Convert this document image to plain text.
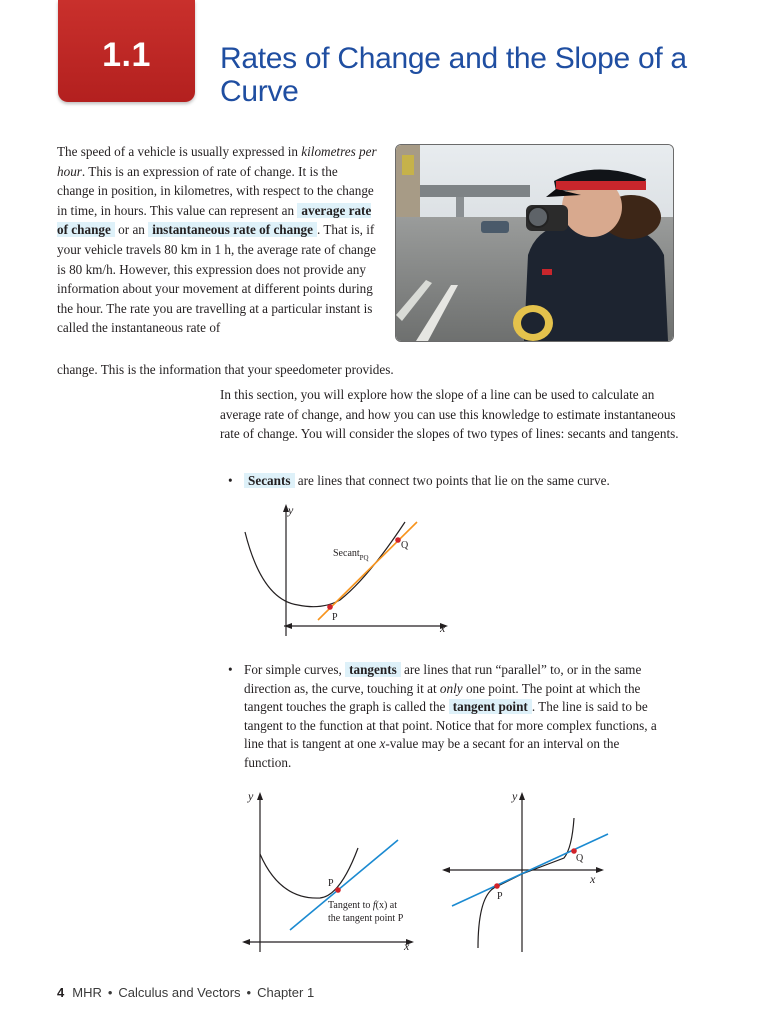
1.1	Rates of Change and the Slope of a Curve

The speed of a vehicle is usually expressed in kilometres per hour. This is an expression of rate of change. It is the change in position, in kilometres, with respect to the change in time, in hours. This value can represent an average rate of change or an instantaneous rate of change . That is, if your vehicle travels 80 km in 1 h, the average rate of change is 80 km/h. However, this expression does not provide any information about your movement at different points during the hour. The rate you are travelling at a particular instant is called the instantaneous rate of

change. This is the information that your speedometer provides.

In this section, you will explore how the slope of a line can be used to calculate an average rate of change, and how you can use this knowledge to estimate instantaneous rate of change. You will consider the slopes of two types of lines: secants and tangents.

•	Secants are lines that connect two points that lie on the same curve.
y
x
P
Q
Secant$_{PQ}$
• For simple curves, tangents are lines that run “parallel” to, or in the same direction as, the curve, touching it at only one point. The point at which the tangent touches the graph is called the tangent point . The line is said to be tangent to the function at that point. Notice that for more complex functions, a line that is tangent at one x-value may be a secant for an interval on the function.
y
x
P
Tangent to f(x) at
the tangent point P
y
x
P
Q
4 MHR • Calculus and Vectors • Chapter 1
